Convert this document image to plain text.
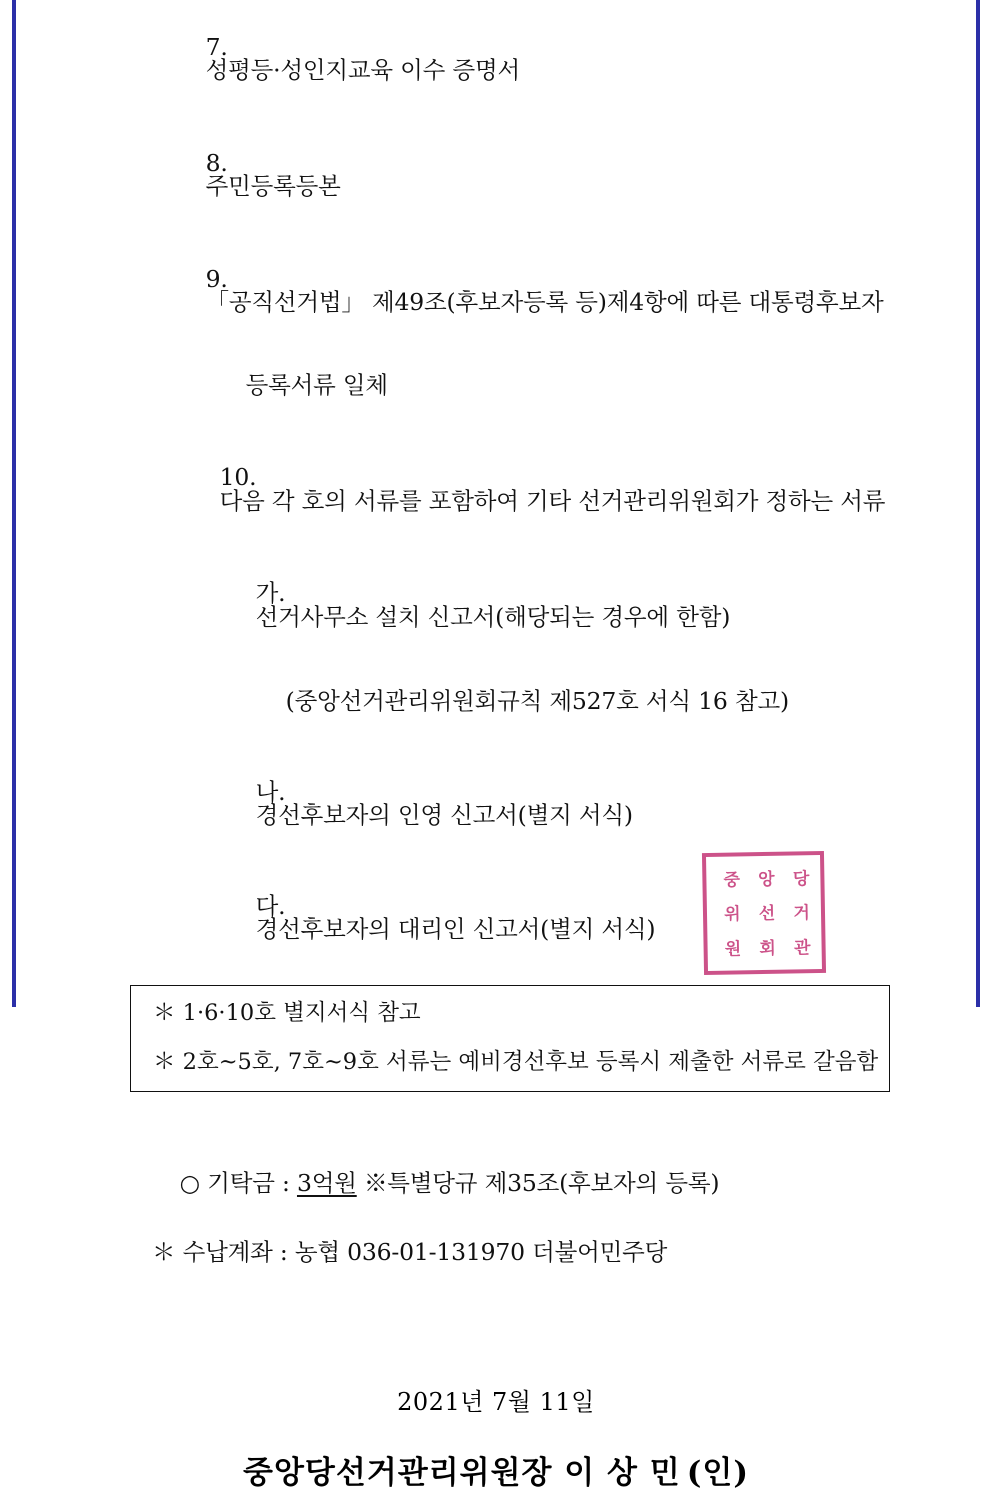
7.
성평등·성인지교육 이수 증명서

8.
주민등록등본

9.
「공직선거법」 제49조(후보자등록 등)제4항에 따른 대통령후보자

등록서류 일체

10.
다음 각 호의 서류를 포함하여 기타 선거관리위원회가 정하는 서류

가.
선거사무소 설치 신고서(해당되는 경우에 한함)

(중앙선거관리위원회규칙 제527호 서식 16 참고)

나.
경선후보자의 인영 신고서(별지 서식)

다.
경선후보자의 대리인 신고서(별지 서식)

＊ 1·6·10호 별지서식 참고
＊ 2호~5호, 7호~9호 서류는 예비경선후보 등록시 제출한 서류로 갈음함

○ 기탁금 : 3억원 ※특별당규 제35조(후보자의 등록)

＊ 수납계좌 : 농협 036-01-131970 더불어민주당
2021년 7월 11일
중앙당선거관리위원장 이 상 민 (인)
중 앙 당
위 선 거
원 회 관
